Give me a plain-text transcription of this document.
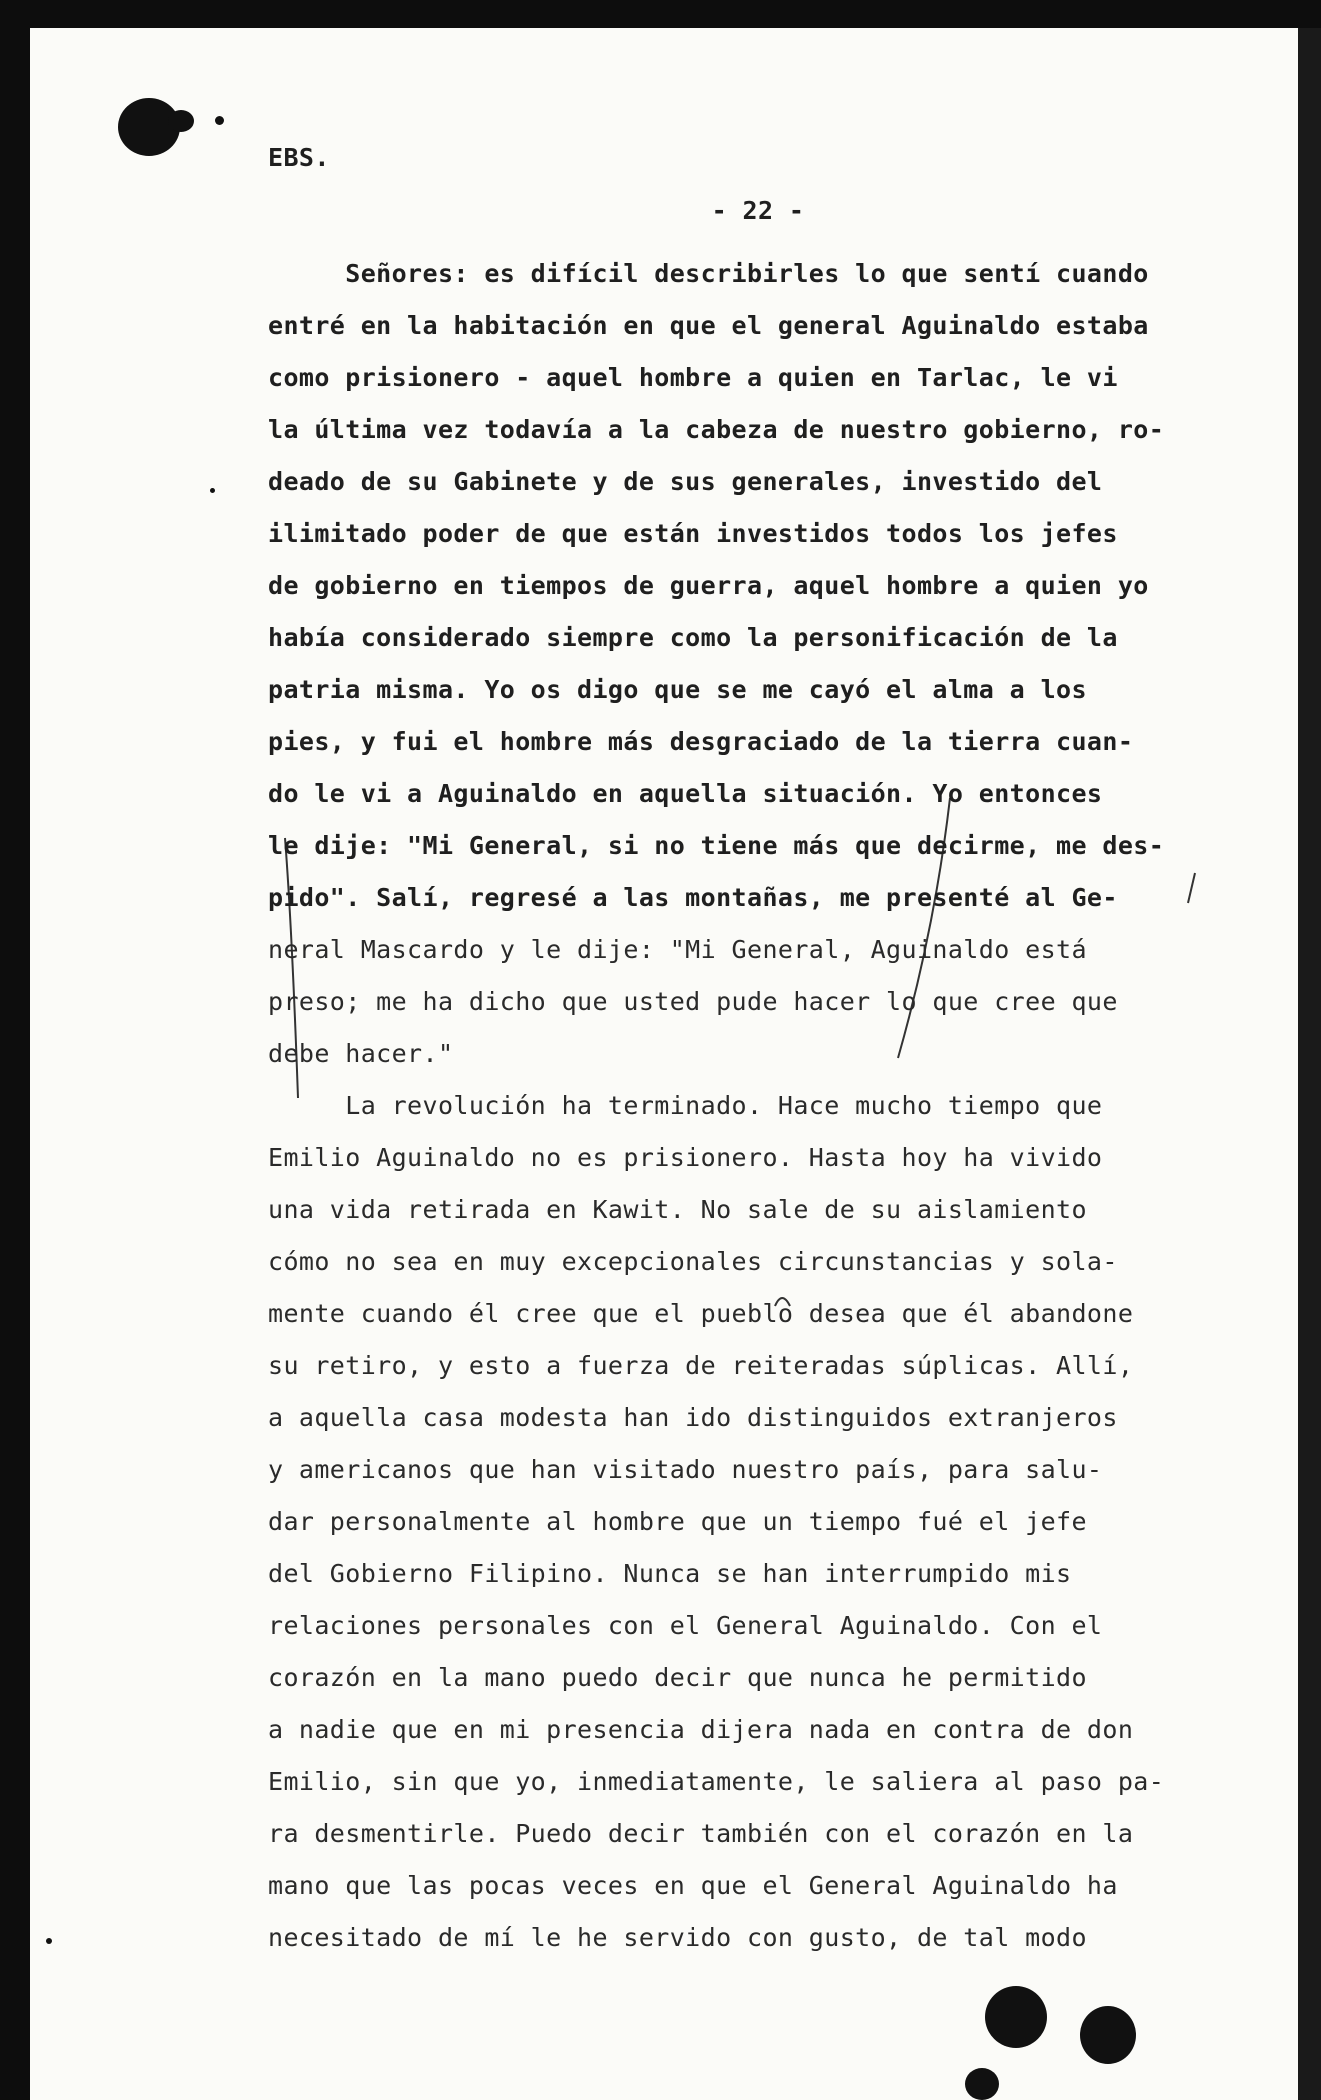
EBS.
- 22 -
Señores: es difícil describirles lo que sentí cuando
entré en la habitación en que el general Aguinaldo estaba
como prisionero - aquel hombre a quien en Tarlac, le vi
la última vez todavía a la cabeza de nuestro gobierno, ro-
deado de su Gabinete y de sus generales, investido del
ilimitado poder de que están investidos todos los jefes
de gobierno en tiempos de guerra, aquel hombre a quien yo
había considerado siempre como la personificación de la
patria misma. Yo os digo que se me cayó el alma a los
pies, y fui el hombre más desgraciado de la tierra cuan-
do le vi a Aguinaldo en aquella situación. Yo entonces
le dije: "Mi General, si no tiene más que decirme, me des-
pido". Salí, regresé a las montañas, me presenté al Ge-
neral Mascardo y le dije: "Mi General, Aguinaldo está
preso; me ha dicho que usted pude hacer lo que cree que
debe hacer."
La revolución ha terminado. Hace mucho tiempo que
Emilio Aguinaldo no es prisionero. Hasta hoy ha vivido
una vida retirada en Kawit. No sale de su aislamiento
cómo no sea en muy excepcionales circunstancias y sola-
mente cuando él cree que el pueblo desea que él abandone
su retiro, y esto a fuerza de reiteradas súplicas. Allí,
a aquella casa modesta han ido distinguidos extranjeros
y americanos que han visitado nuestro país, para salu-
dar personalmente al hombre que un tiempo fué el jefe
del Gobierno Filipino. Nunca se han interrumpido mis
relaciones personales con el General Aguinaldo. Con el
corazón en la mano puedo decir que nunca he permitido
a nadie que en mi presencia dijera nada en contra de don
Emilio, sin que yo, inmediatamente, le saliera al paso pa-
ra desmentirle. Puedo decir también con el corazón en la
mano que las pocas veces en que el General Aguinaldo ha
necesitado de mí le he servido con gusto, de tal modo
